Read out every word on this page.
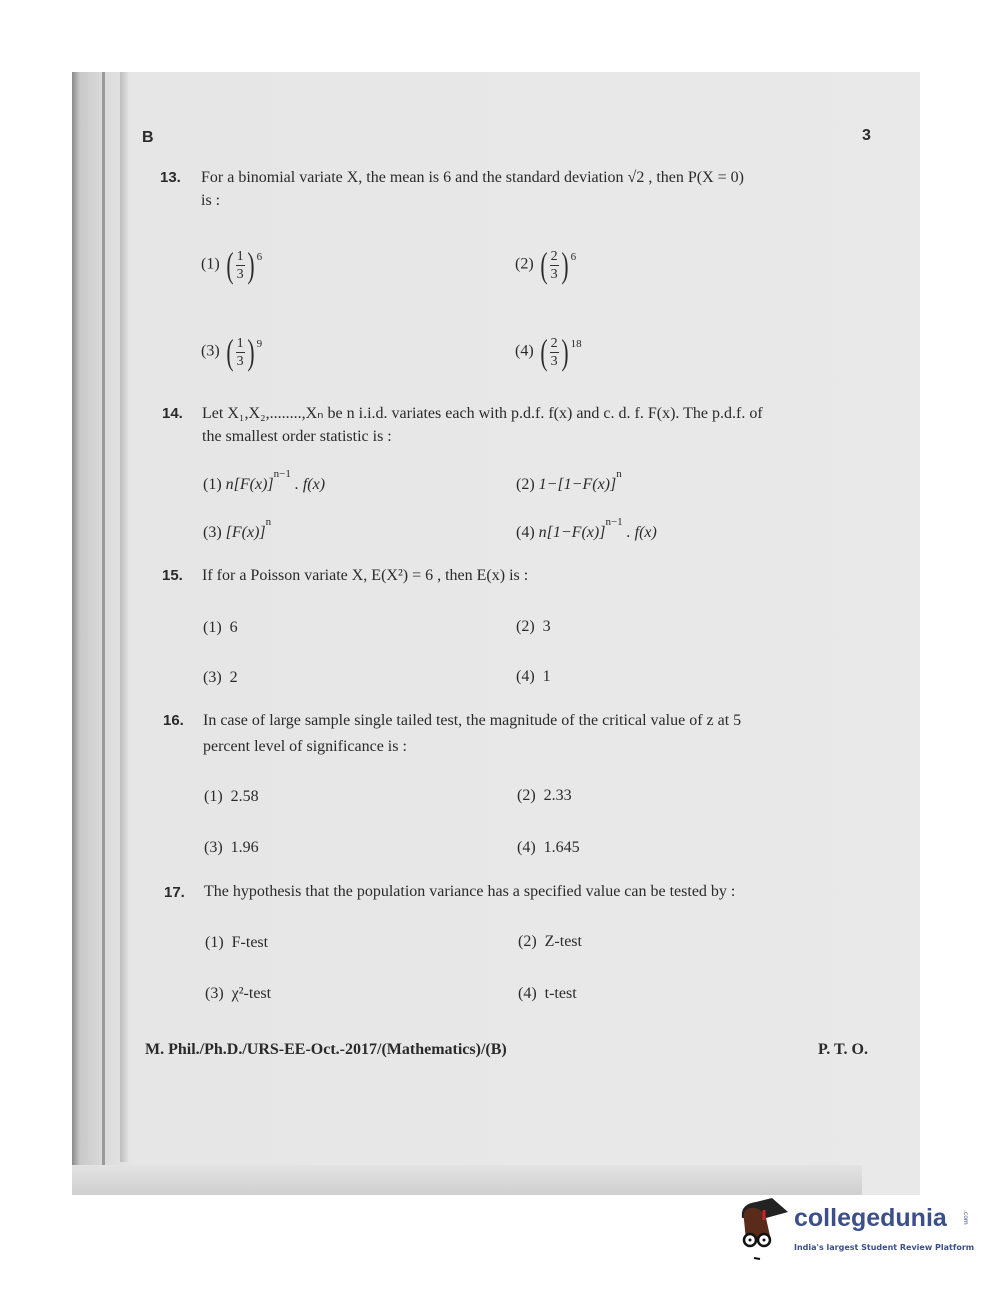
B	3
13. For a binomial variate X, the mean is 6 and the standard deviation √2 , then P(X = 0)
is :
(1) ( $\frac{1}{3}$ ) 6	(2) ( $\frac{2}{3}$ ) 6
(3) ( $\frac{1}{3}$ ) 9	(4) ( $\frac{2}{3}$ ) 18
14. Let X₁,X₂,........,Xₙ be n i.i.d. variates each with p.d.f. f(x) and c. d. f. F(x). The p.d.f. of
the smallest order statistic is :
(1) $n[F(x)]^{n-1}$ . f(x)	(2) $1-[1-F(x)]^n$
(3) $[F(x)]^n$
(4) $n[1-F(x)]^{n-1}$ . f(x)
15. If for a Poisson variate X, E(X²) = 6 , then E(x) is :
(1) 6	(2) 3
(3) 2	(4) 1
16. In case of large sample single tailed test, the magnitude of the critical value of z at 5
percent level of significance is :
(1) 2.58	(2) 2.33
(3) 1.96	(4) 1.645
17. The hypothesis that the population variance has a specified value can be tested by :
(1) F-test	(2) Z-test
(3) χ²-test	(4) t-test
M. Phil./Ph.D./URS-EE-Oct.-2017/(Mathematics)/(B)	P. T. O.
collegedunia	.com
India's largest Student Review Platform
